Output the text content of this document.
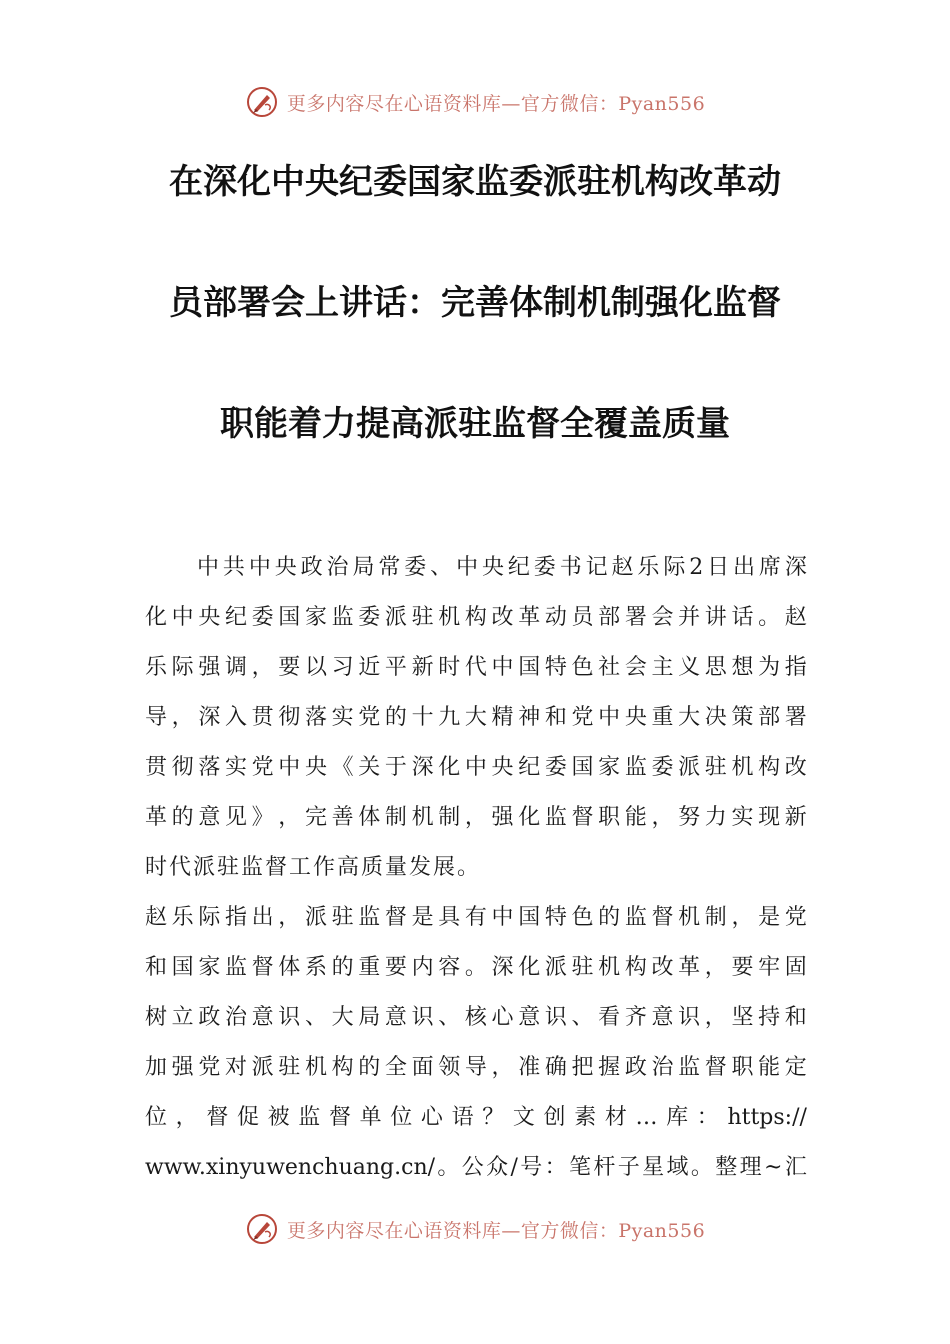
更多内容尽在心语资料库—官方微信：Pyan556
在深化中央纪委国家监委派驻机构改革动
员部署会上讲话：完善体制机制强化监督
职能着力提高派驻监督全覆盖质量
中 共 中 央 政 治 局 常 委 、 中 央 纪 委 书 记 赵 乐 际 2 日 出 席 深
化 中 央 纪 委 国 家 监 委 派 驻 机 构 改 革 动 员 部 署 会 并 讲 话 。 赵
乐 际 强 调 ， 要 以 习 近 平 新 时 代 中 国 特 色 社 会 主 义 思 想 为 指
导 ， 深 入 贯 彻 落 实 党 的 十 九 大 精 神 和 党 中 央 重 大 决 策 部 署
贯 彻 落 实 党 中 央 《 关 于 深 化 中 央 纪 委 国 家 监 委 派 驻 机 构 改
革 的 意 见 》 ， 完 善 体 制 机 制 ， 强 化 监 督 职 能 ， 努 力 实 现 新
时代派驻监督工作高质量发展。
赵 乐 际 指 出 ， 派 驻 监 督 是 具 有 中 国 特 色 的 监 督 机 制 ， 是 党
和 国 家 监 督 体 系 的 重 要 内 容 。 深 化 派 驻 机 构 改 革 ， 要 牢 固
树 立 政 治 意 识 、 大 局 意 识 、 核 心 意 识 、 看 齐 意 识 ， 坚 持 和
加 强 党 对 派 驻 机 构 的 全 面 领 导 ， 准 确 把 握 政 治 监 督 职 能 定
位 ， 督 促 被 监 督 单 位 心 语 ？ 文 创 素 材 … 库 ： https://
www.xinyuwenchuang.cn/ 。 公 众 / 号 ： 笔 杆 子 星 域 。 整 理 ~ 汇
更多内容尽在心语资料库—官方微信：Pyan556
